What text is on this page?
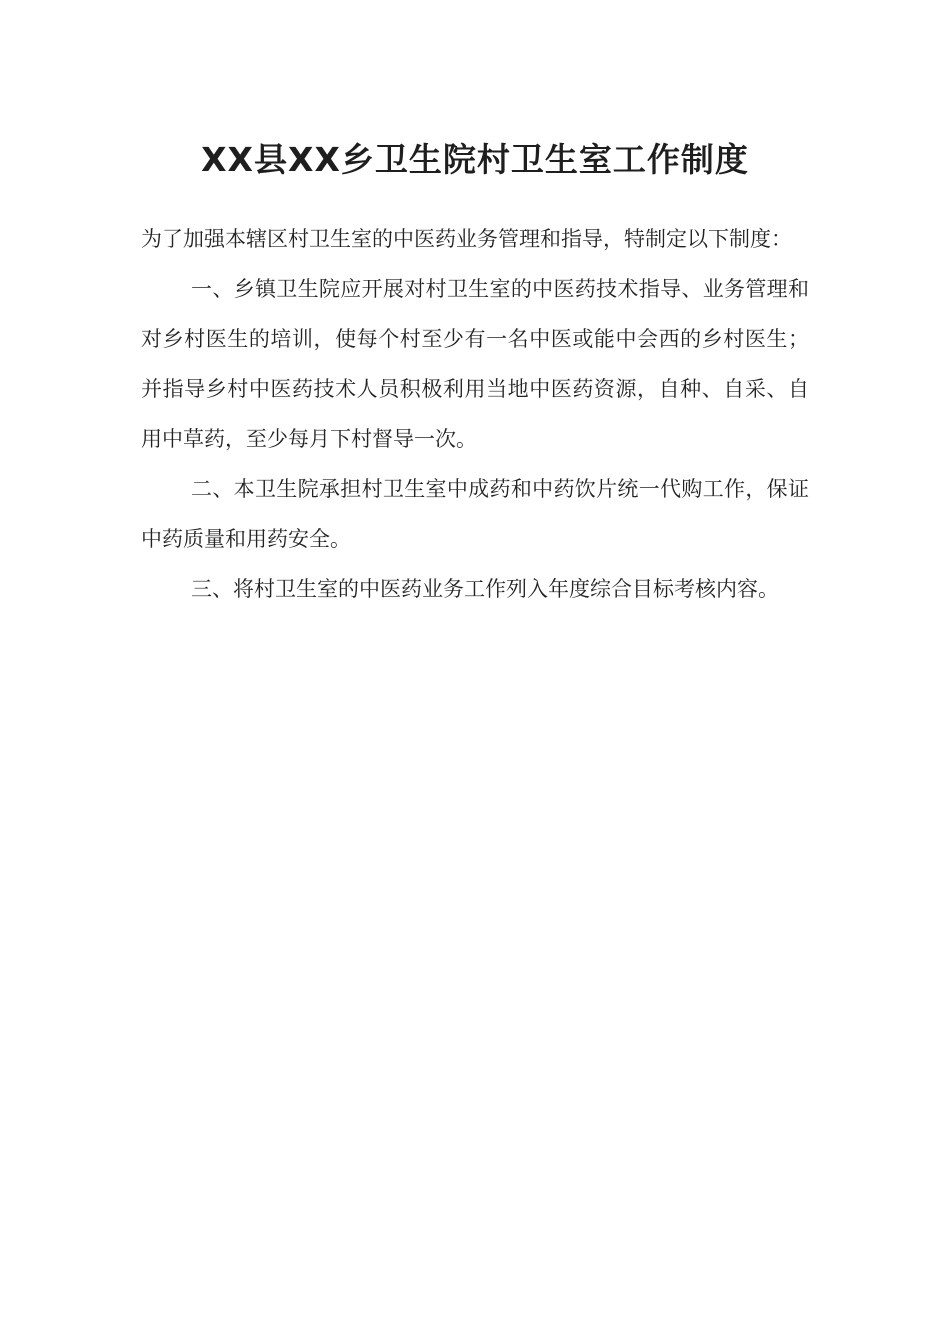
XX县XX乡卫生院村卫生室工作制度

为了加强本辖区村卫生室的中医药业务管理和指导，特制定以下制度：

一、乡镇卫生院应开展对村卫生室的中医药技术指导、业务管理和对乡村医生的培训，使每个村至少有一名中医或能中会西的乡村医生；并指导乡村中医药技术人员积极利用当地中医药资源，自种、自采、自用中草药，至少每月下村督导一次。

二、本卫生院承担村卫生室中成药和中药饮片统一代购工作，保证中药质量和用药安全。

三、将村卫生室的中医药业务工作列入年度综合目标考核内容。
